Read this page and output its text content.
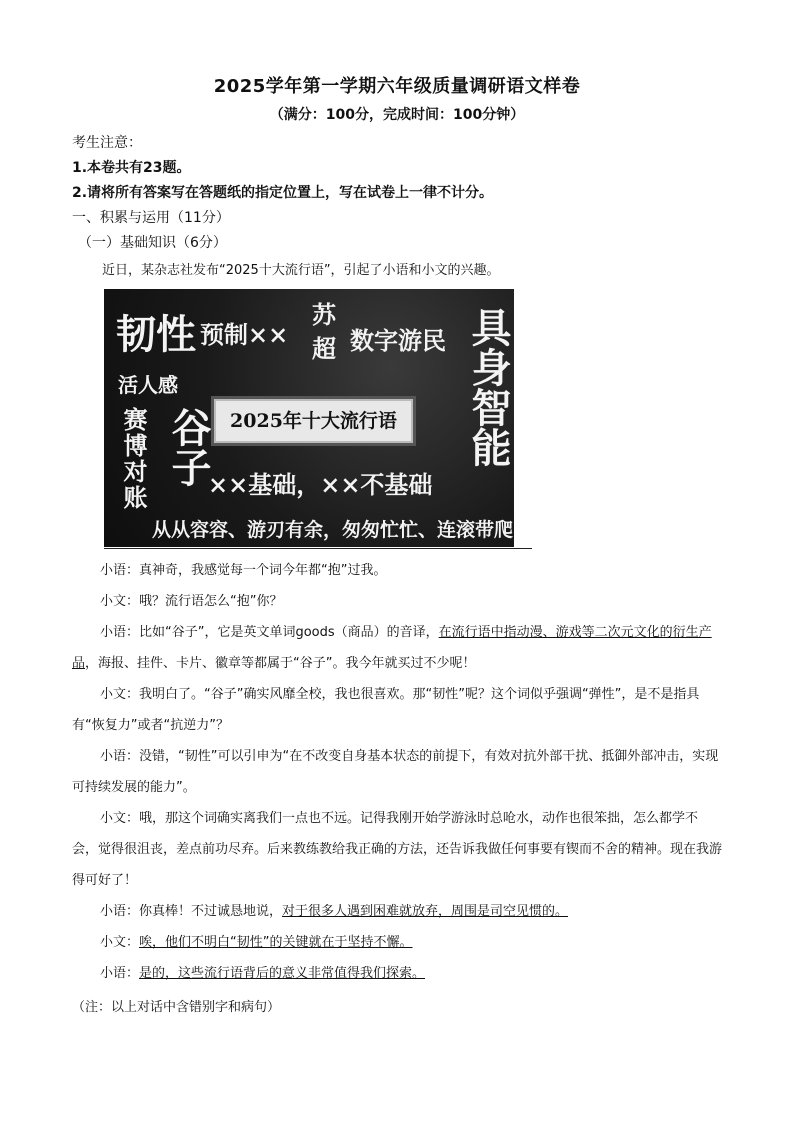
2025学年第一学期六年级质量调研语文样卷
（满分：100分，完成时间：100分钟）
考生注意：
1.本卷共有23题。
2.请将所有答案写在答题纸的指定位置上，写在试卷上一律不计分。
一、积累与运用（11分）
（一）基础知识（6分）
近日，某杂志社发布“2025十大流行语”，引起了小语和小文的兴趣。
韧性 预制××
苏
超 数字游民
活人感
2025年十大流行语
谷子
赛博对账	具身智能
××基础，××不基础
从从容容、游刃有余，匆匆忙忙、连滚带爬
小语：真神奇，我感觉每一个词今年都“抱”过我。
小文：哦？流行语怎么“抱”你？
小语：比如“谷子”，它是英文单词goods（商品）的音译，在流行语中指动漫、游戏等二次元文化的衍生产品，海报、挂件、卡片、徽章等都属于“谷子”。我今年就买过不少呢！
小文：我明白了。“谷子”确实风靡全校，我也很喜欢。那“韧性”呢？这个词似乎强调“弹性”，是不是指具有“恢复力”或者“抗逆力”？
小语：没错，“韧性”可以引申为“在不改变自身基本状态的前提下，有效对抗外部干扰、抵御外部冲击，实现可持续发展的能力”。
小文：哦，那这个词确实离我们一点也不远。记得我刚开始学游泳时总呛水，动作也很笨拙，怎么都学不会，觉得很沮丧，差点前功尽弃。后来教练教给我正确的方法，还告诉我做任何事要有锲而不舍的精神。现在我游得可好了！
小语：你真棒！不过诚恳地说，对于很多人遇到困难就放弃，周围是司空见惯的。
小文：唉，他们不明白“韧性”的关键就在于坚持不懈。
小语：是的，这些流行语背后的意义非常值得我们探索。
（注：以上对话中含错别字和病句）
